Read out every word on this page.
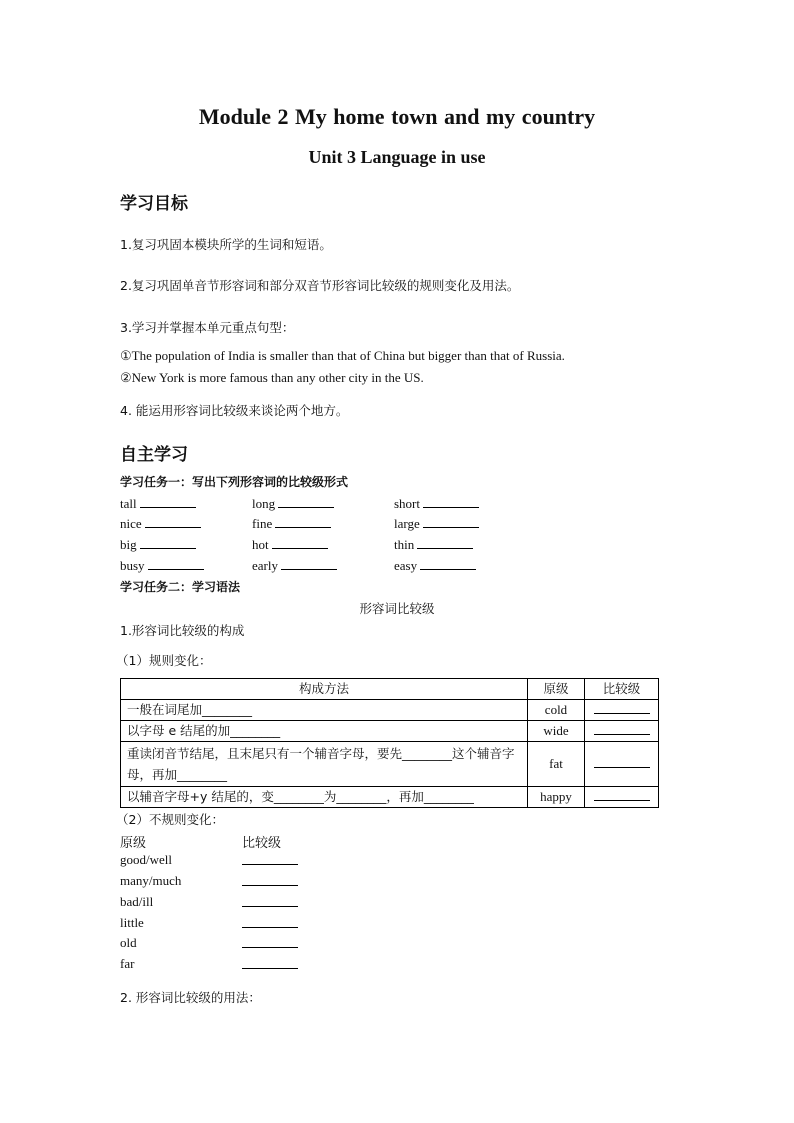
Module 2 My home town and my country
Unit 3 Language in use
学习目标
1.复习巩固本模块所学的生词和短语。
2.复习巩固单音节形容词和部分双音节形容词比较级的规则变化及用法。
3.学习并掌握本单元重点句型：
①The population of India is smaller than that of China but bigger than that of Russia.
②New York is more famous than any other city in the US.
4. 能运用形容词比较级来谈论两个地方。
自主学习
学习任务一：写出下列形容词的比较级形式
tall	long	short
nice	fine	large
big	hot	thin
busy	early	easy
学习任务二：学习语法
形容词比较级
1.形容词比较级的构成
（1）规则变化：
构成方法	原级	比较级
一般在词尾加________	cold	
以字母 e 结尾的加________	wide	
重读闭音节结尾，且末尾只有一个辅音字母，要先________这个辅音字母，再加________	fat	
以辅音字母+y 结尾的，变________为________，再加________	happy	
（2）不规则变化：
原级	比较级
good/well
many/much
bad/ill
little
old
far
2. 形容词比较级的用法：
